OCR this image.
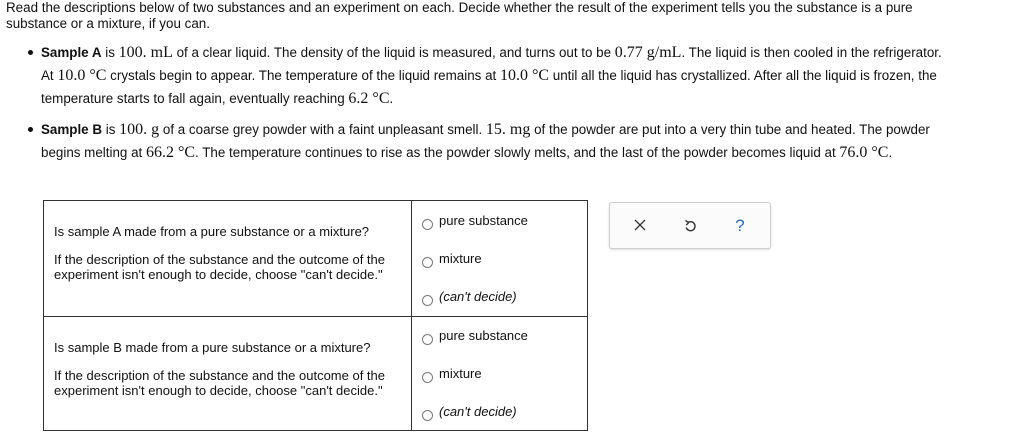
Read the descriptions below of two substances and an experiment on each. Decide whether the result of the experiment tells you the substance is a pure
substance or a mixture, if you can.
Sample A is 100. mL of a clear liquid. The density of the liquid is measured, and turns out to be 0.77 g/mL. The liquid is then cooled in the refrigerator.
At 10.0 °C crystals begin to appear. The temperature of the liquid remains at 10.0 °C until all the liquid has crystallized. After all the liquid is frozen, the
temperature starts to fall again, eventually reaching 6.2 °C.
Sample B is 100. g of a coarse grey powder with a faint unpleasant smell. 15. mg of the powder are put into a very thin tube and heated. The powder
begins melting at 66.2 °C. The temperature continues to rise as the powder slowly melts, and the last of the powder becomes liquid at 76.0 °C.
Is sample A made from a pure substance or a mixture?
If the description of the substance and the outcome of the experiment isn't enough to decide, choose "can't decide."
pure substance
mixture
(can't decide)
Is sample B made from a pure substance or a mixture?
If the description of the substance and the outcome of the experiment isn't enough to decide, choose "can't decide."
pure substance
mixture
(can't decide)
?
